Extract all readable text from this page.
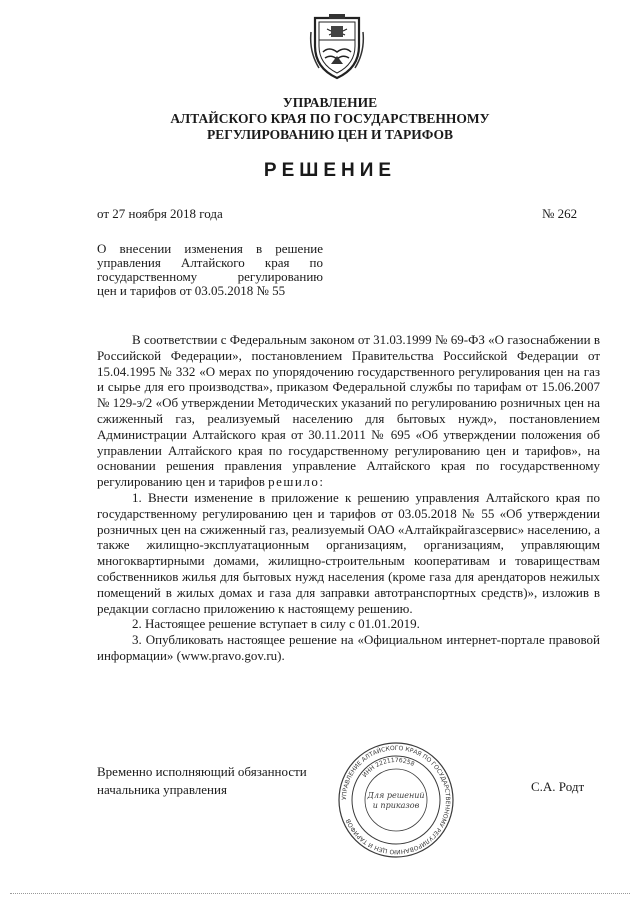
УПРАВЛЕНИЕ
АЛТАЙСКОГО КРАЯ ПО ГОСУДАРСТВЕННОМУ
РЕГУЛИРОВАНИЮ ЦЕН И ТАРИФОВ
РЕШЕНИЕ
от 27 ноября 2018 года	№ 262
О внесении изменения в решение
управления Алтайского края по
государственному регулированию
цен и тарифов от 03.05.2018 № 55

В соответствии с Федеральным законом от 31.03.1999 № 69-ФЗ «О газоснабжении в Российской Федерации», постановлением Правительства Российской Федерации от 15.04.1995 № 332 «О мерах по упорядочению государственного регулирования цен на газ и сырье для его производства», приказом Федеральной службы по тарифам от 15.06.2007 № 129-э/2 «Об утверждении Методических указаний по регулированию розничных цен на сжиженный газ, реализуемый населению для бытовых нужд», постановлением Администрации Алтайского края от 30.11.2011 № 695 «Об утверждении положения об управлении Алтайского края по государственному регулированию цен и тарифов», на основании решения правления управление Алтайского края по государственному регулированию цен и тарифов решило:

1. Внести изменение в приложение к решению управления Алтайского края по государственному регулированию цен и тарифов от 03.05.2018 № 55 «Об утверждении розничных цен на сжиженный газ, реализуемый ОАО «Алтайкрайгазсервис» населению, а также жилищно-эксплуатационным организациям, организациям, управляющим многоквартирными домами, жилищно-строительным кооперативам и товариществам собственников жилья для бытовых нужд населения (кроме газа для арендаторов нежилых помещений в жилых домах и газа для заправки автотранспортных средств)», изложив в редакции согласно приложению к настоящему решению.

2. Настоящее решение вступает в силу с 01.01.2019.

3. Опубликовать настоящее решение на «Официальном интернет-портале правовой информации» (www.pravo.gov.ru).

Временно исполняющий обязанности
начальника управления	С.А. Родт
УПРАВЛЕНИЕ АЛТАЙСКОГО КРАЯ ПО ГОСУДАРСТВЕННОМУ РЕГУЛИРОВАНИЮ ЦЕН И ТАРИФОВ
ИНН 2221176258
Для решений
и приказов
